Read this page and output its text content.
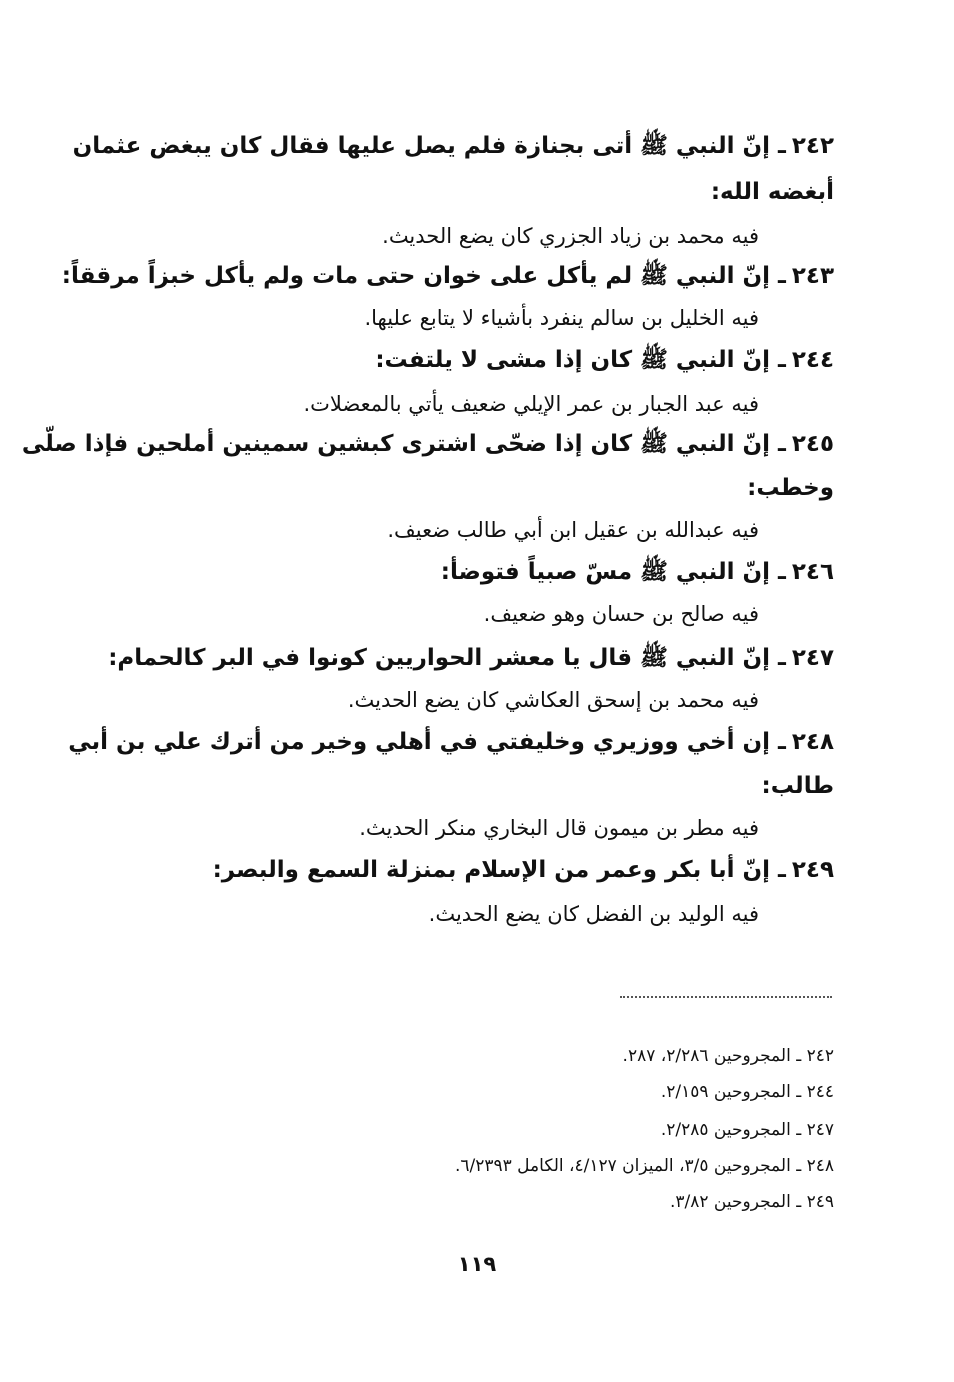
٢٤٢ـ إنّ النبي ﷺ أتى بجنازة فلم يصل عليها فقال كان يبغض عثمان
أبغضه الله:
فيه محمد بن زياد الجزري كان يضع الحديث.
٢٤٣ـ إنّ النبي ﷺ لم يأكل على خوان حتى مات ولم يأكل خبزاً مرققاً:
فيه الخليل بن سالم ينفرد بأشياء لا يتابع عليها.
٢٤٤ـ إنّ النبي ﷺ كان إذا مشى لا يلتفت:
فيه عبد الجبار بن عمر الإيلي ضعيف يأتي بالمعضلات.
٢٤٥ـ إنّ النبي ﷺ كان إذا ضحّى اشترى كبشين سمينين أملحين فإذا صلّى
وخطب:
فيه عبدالله بن عقيل ابن أبي طالب ضعيف.
٢٤٦ـ إنّ النبي ﷺ مسّ صبياً فتوضأ:
فيه صالح بن حسان وهو ضعيف.
٢٤٧ـ إنّ النبي ﷺ قال يا معشر الحواريين كونوا في البر كالحمام:
فيه محمد بن إسحق العكاشي كان يضع الحديث.
٢٤٨ـ إن أخي ووزيري وخليفتي في أهلي وخير من أترك علي بن أبي
طالب:
فيه مطر بن ميمون قال البخاري منكر الحديث.
٢٤٩ـ إنّ أبا بكر وعمر من الإسلام بمنزلة السمع والبصر:
فيه الوليد بن الفضل كان يضع الحديث.
٢٤٢ ـ المجروحين ٢/٢٨٦، ٢٨٧.
٢٤٤ ـ المجروحين ٢/١٥٩.
٢٤٧ ـ المجروحين ٢/٢٨٥.
٢٤٨ ـ المجروحين ٣/٥، الميزان ٤/١٢٧، الكامل ٦/٢٣٩٣.
٢٤٩ ـ المجروحين ٣/٨٢.
١١٩
